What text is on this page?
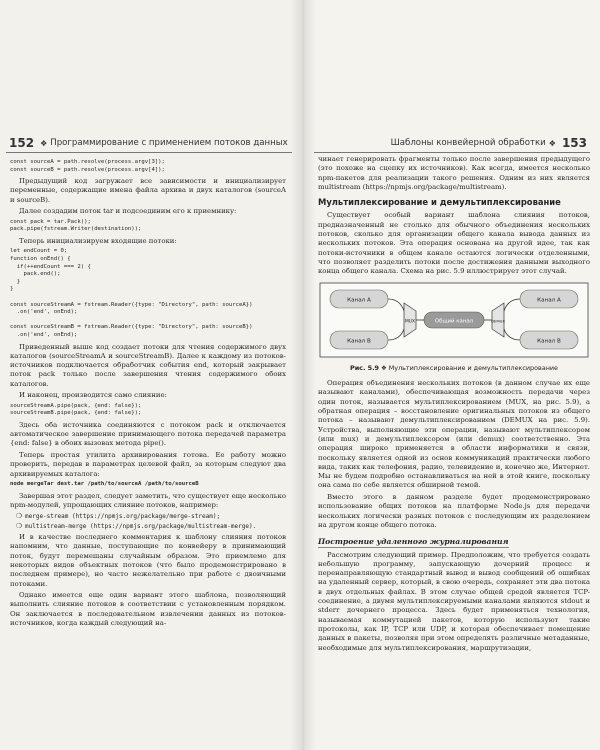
152 ❖ Программирование с применением потоков данных
const sourceA = path.resolve(process.argv[3]);
const sourceB = path.resolve(process.argv[4]);

Предыдущий код загружает все зависимости и инициализирует переменные, содержащие имена файла архива и двух каталогов (sourceA и sourceB).

Далее создадим поток tar и подсоединим его к приемнику:

const pack = tar.Pack();
pack.pipe(fstream.Writer(destination));

Теперь инициализируем входящие потоки:

let endCount = 0;
function onEnd() {
if(++endCount === 2) {
pack.end();
}
}

const sourceStreamA = fstream.Reader({type: "Directory", path: sourceA})
.on('end', onEnd);

const sourceStreamB = fstream.Reader({type: "Directory", path: sourceB})
.on('end', onEnd);

Приведенный выше код создает потоки для чтения содержимого двух каталогов (sourceStreamA и sourceStreamB). Далее к каждому из потоков-источников подключается обработчик события end, который закрывает поток pack только после завершения чтения содержимого обоих каталогов.

И наконец, производится само слияние:

sourceStreamA.pipe(pack, {end: false});
sourceStreamB.pipe(pack, {end: false});

Здесь оба источника соединяются с потоком pack и отключается автоматическое завершение принимающего потока передачей параметра {end: false} в обоих вызовах метода pipe().

Теперь простая утилита архивирования готова. Ее работу можно проверить, передав в параметрах целевой файл, за которым следуют два архивируемых каталога:

node mergeTar dest.tar /path/to/sourceA /path/to/sourceB

Завершая этот раздел, следует заметить, что существует еще несколько npm-модулей, упрощающих слияние потоков, например:

❍ merge-stream (https://npmjs.org/package/merge-stream);
❍ multistream-merge (https://npmjs.org/package/multistream-merge).

И в качестве последнего комментария к шаблону слияния потоков напомним, что данные, поступающие по конвейеру в принимающий поток, будут перемешаны случайным образом. Это приемлемо для некоторых видов объектных потоков (что было продемонстрировано в последнем примере), но часто нежелательно при работе с двоичными потоками.

Однако имеется еще один вариант этого шаблона, позволяющий выполнить слияние потоков в соответствии с установленным порядком. Он заключается в последовательном извлечении данных из потоков-источников, когда каждый следующий на-

Шаблоны конвейерной обработки ❖ 153

чинает генерировать фрагменты только после завершения предыдущего (это похоже на сцепку их источников). Как всегда, имеется несколько npm-пакетов для реализации такого решения. Одним из них является multistream (https://npmjs.org/package/multistream).

Мультиплексирование и демультиплексирование

Существует особый вариант шаблона слияния потоков, предназначенный не столько для обычного объединения нескольких потоков, сколько для организации общего канала вывода данных из нескольких потоков. Эта операция основана на другой идее, так как потоки-источники в общем канале остаются логически отделенными, что позволяет разделить потоки после достижения данными выходного конца общего канала. Схема на рис. 5.9 иллюстрирует этот случай.

Канал A
Канал B
MUX	Общий канал	DEMUX
Канал A
Канал B
Рис. 5.9 ❖ Мультиплексирование и демультиплексирование

Операция объединения нескольких потоков (в данном случае их еще называют каналами), обеспечивающая возможность передачи через один поток, называется мультиплексированием (MUX, на рис. 5.9), а обратная операция – восстановление оригинальных потоков из общего потока – называют демультиплексированием (DEMUX на рис. 5.9). Устройства, выполняющие эти операции, называют мультиплексором (или mux) и демультиплексором (или demux) соответственно. Эта операция широко применяется в области информатики и связи, поскольку является одной из основ коммуникаций практически любого вида, таких как телефония, радио, телевидение и, конечно же, Интернет. Мы не будем подробно останавливаться на ней в этой книге, поскольку она сама по себе является обширной темой.

Вместо этого в данном разделе будет продемонстрировано использование общих потоков на платформе Node.js для передачи нескольких логически разных потоков с последующим их разделением на другом конце общего потока.

Построение удаленного журналирования

Рассмотрим следующий пример. Предположим, что требуется создать небольшую программу, запускающую дочерний процесс и перенаправляющую стандартный вывод и вывод сообщений об ошибках на удаленный сервер, который, в свою очередь, сохраняет эти два потока в двух отдельных файлах. В этом случае общей средой является TCP-соединение, а двумя мультиплексируемыми каналами являются stdout и stderr дочернего процесса. Здесь будет применяться технология, называемая коммутацией пакетов, которую используют такие протоколы, как IP, TCP или UDP, и которая обеспечивает помещение данных в пакеты, позволяя при этом определять различные метаданные, необходимые для мультиплексирования, маршрутизации,
